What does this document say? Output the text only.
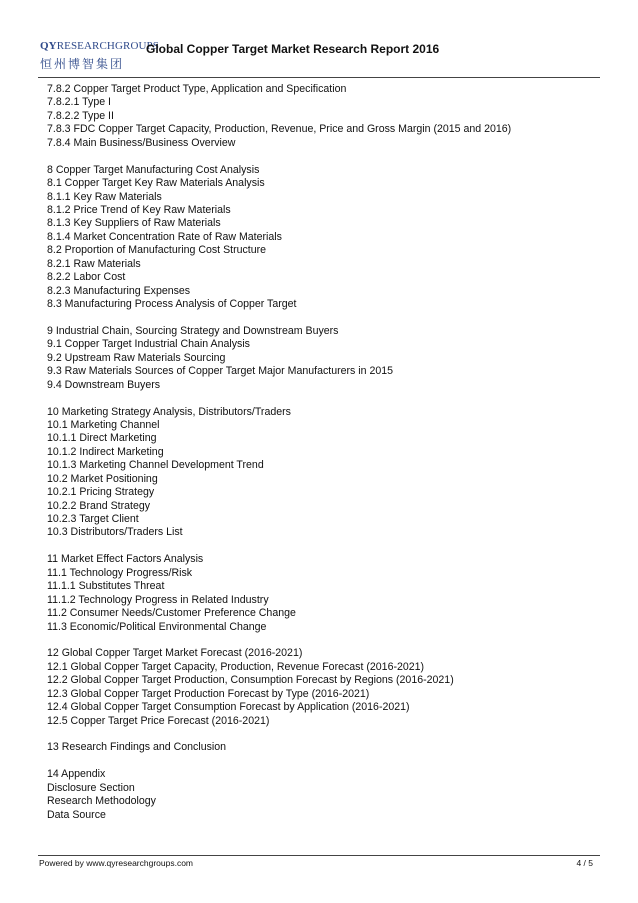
QYRESEARCHGROUPS
恒州博智集团
Global Copper Target Market Research Report 2016
7.8.2 Copper Target Product Type, Application and Specification
7.8.2.1 Type I
7.8.2.2 Type II
7.8.3 FDC Copper Target Capacity, Production, Revenue, Price and Gross Margin (2015 and 2016)
7.8.4 Main Business/Business Overview
8 Copper Target Manufacturing Cost Analysis
8.1 Copper Target Key Raw Materials Analysis
8.1.1 Key Raw Materials
8.1.2 Price Trend of Key Raw Materials
8.1.3 Key Suppliers of Raw Materials
8.1.4 Market Concentration Rate of Raw Materials
8.2 Proportion of Manufacturing Cost Structure
8.2.1 Raw Materials
8.2.2 Labor Cost
8.2.3 Manufacturing Expenses
8.3 Manufacturing Process Analysis of Copper Target
9 Industrial Chain, Sourcing Strategy and Downstream Buyers
9.1 Copper Target Industrial Chain Analysis
9.2 Upstream Raw Materials Sourcing
9.3 Raw Materials Sources of Copper Target Major Manufacturers in 2015
9.4 Downstream Buyers
10 Marketing Strategy Analysis, Distributors/Traders
10.1 Marketing Channel
10.1.1 Direct Marketing
10.1.2 Indirect Marketing
10.1.3 Marketing Channel Development Trend
10.2 Market Positioning
10.2.1 Pricing Strategy
10.2.2 Brand Strategy
10.2.3 Target Client
10.3 Distributors/Traders List
11 Market Effect Factors Analysis
11.1 Technology Progress/Risk
11.1.1 Substitutes Threat
11.1.2 Technology Progress in Related Industry
11.2 Consumer Needs/Customer Preference Change
11.3 Economic/Political Environmental Change
12 Global Copper Target Market Forecast (2016-2021)
12.1 Global Copper Target Capacity, Production, Revenue Forecast (2016-2021)
12.2 Global Copper Target Production, Consumption Forecast by Regions (2016-2021)
12.3 Global Copper Target Production Forecast by Type (2016-2021)
12.4 Global Copper Target Consumption Forecast by Application (2016-2021)
12.5 Copper Target Price Forecast (2016-2021)
13 Research Findings and Conclusion
14 Appendix
Disclosure Section
Research Methodology
Data Source
Powered by www.qyresearchgroups.com	4 / 5
